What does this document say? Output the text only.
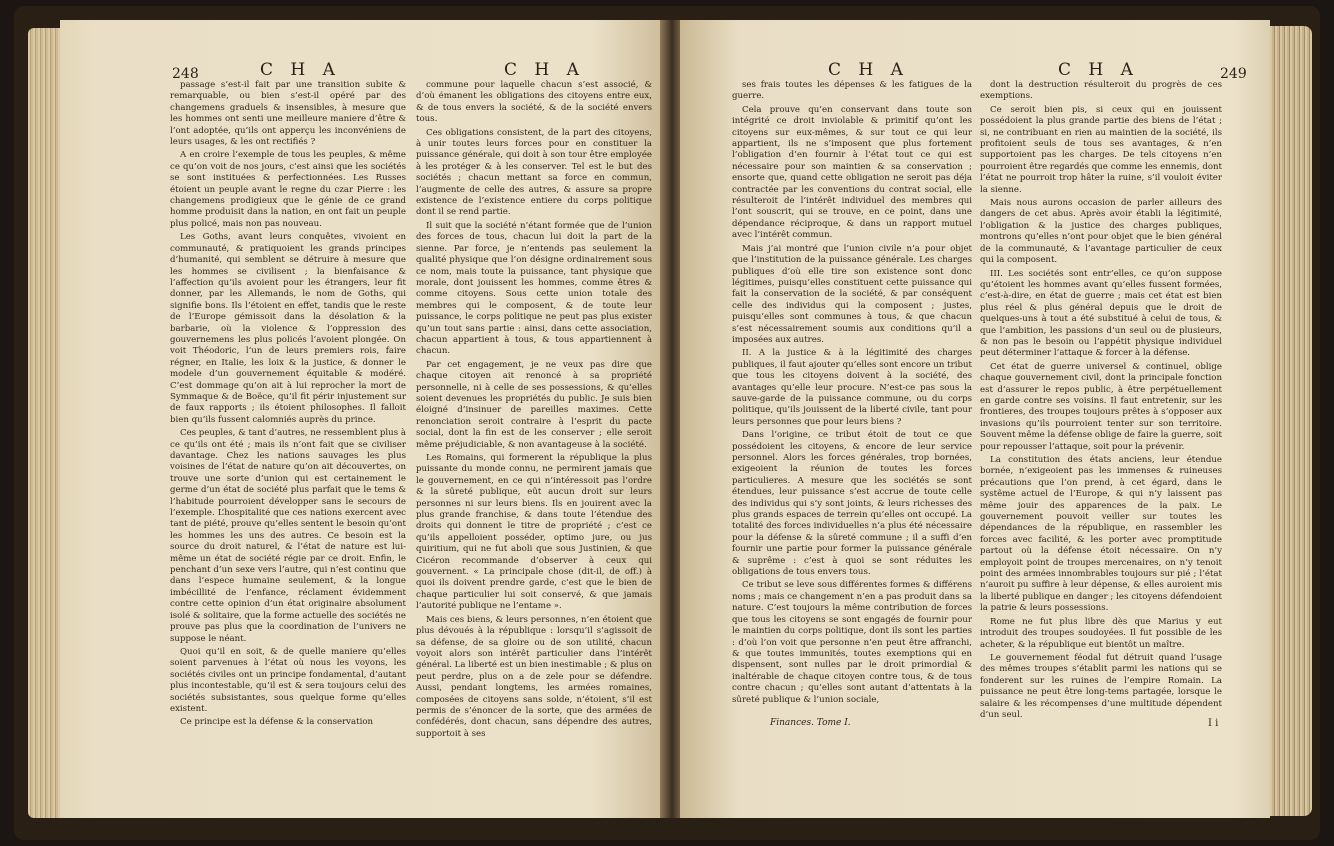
248	C H A	C H A

passage s’est-il fait par une transition subite & remarquable, ou bien s’est-il opéré par des changemens graduels & insensibles, à mesure que les hommes ont senti une meilleure maniere d’être & l’ont adoptée, qu’ils ont apperçu les inconvéniens de leurs usages, & les ont rectifiés ?

A en croire l’exemple de tous les peuples, & même ce qu’on voit de nos jours, c’est ainsi que les sociétés se sont instituées & perfectionnées. Les Russes étoient un peuple avant le regne du czar Pierre : les changemens prodigieux que le génie de ce grand homme produisit dans la nation, en ont fait un peuple plus policé, mais non pas nouveau.

Les Goths, avant leurs conquêtes, vivoient en communauté, & pratiquoient les grands principes d’humanité, qui semblent se détruire à mesure que les hommes se civilisent ; la bienfaisance & l’affection qu’ils avoient pour les étrangers, leur fit donner, par les Allemands, le nom de Goths, qui signifie bons. Ils l’étoient en effet, tandis que le reste de l’Europe gémissoit dans la désolation & la barbarie, où la violence & l’oppression des gouvernemens les plus policés l’avoient plongée. On voit Théodoric, l’un de leurs premiers rois, faire régner, en Italie, les loix & la justice, & donner le modele d’un gouvernement équitable & modéré. C’est dommage qu’on ait à lui reprocher la mort de Symmaque & de Boëce, qu’il fit périr injustement sur de faux rapports ; ils étoient philosophes. Il falloit bien qu’ils fussent calomniés auprès du prince.

Ces peuples, & tant d’autres, ne ressemblent plus à ce qu’ils ont été ; mais ils n’ont fait que se civiliser davantage. Chez les nations sauvages les plus voisines de l’état de nature qu’on ait découvertes, on trouve une sorte d’union qui est certainement le germe d’un état de société plus parfait que le tems & l’habitude pourroient développer sans le secours de l’exemple. L’hospitalité que ces nations exercent avec tant de piété, prouve qu’elles sentent le besoin qu’ont les hommes les uns des autres. Ce besoin est la source du droit naturel, & l’état de nature est lui-même un état de société régie par ce droit. Enfin, le penchant d’un sexe vers l’autre, qui n’est continu que dans l’espece humaine seulement, & la longue imbécillité de l’enfance, réclament évidemment contre cette opinion d’un état originaire absolument isolé & solitaire, que la forme actuelle des sociétés ne prouve pas plus que la coordination de l’univers ne suppose le néant.

Quoi qu’il en soit, & de quelle maniere qu’elles soient parvenues à l’état où nous les voyons, les sociétés civiles ont un principe fondamental, d’autant plus incontestable, qu’il est & sera toujours celui des sociétés subsistantes, sous quelque forme qu’elles existent.

Ce principe est la défense & la conservation

commune pour laquelle chacun s’est associé, & d’où émanent les obligations des citoyens entre eux, & de tous envers la société, & de la société envers tous.

Ces obligations consistent, de la part des citoyens, à unir toutes leurs forces pour en constituer la puissance générale, qui doit à son tour être employée à les protéger & à les conserver. Tel est le but des sociétés ; chacun mettant sa force en commun, l’augmente de celle des autres, & assure sa propre existence de l’existence entiere du corps politique dont il se rend partie.

Il suit que la société n’étant formée que de l’union des forces de tous, chacun lui doit la part de la sienne. Par force, je n’entends pas seulement la qualité physique que l’on désigne ordinairement sous ce nom, mais toute la puissance, tant physique que morale, dont jouissent les hommes, comme êtres & comme citoyens. Sous cette union totale des membres qui le composent, & de toute leur puissance, le corps politique ne peut pas plus exister qu’un tout sans partie : ainsi, dans cette association, chacun appartient à tous, & tous appartiennent à chacun.

Par cet engagement, je ne veux pas dire que chaque citoyen ait renoncé à sa propriété personnelle, ni à celle de ses possessions, & qu’elles soient devenues les propriétés du public. Je suis bien éloigné d’insinuer de pareilles maximes. Cette renonciation seroit contraire à l’esprit du pacte social, dont la fin est de les conserver ; elle seroit même préjudiciable, & non avantageuse à la société.

Les Romains, qui formerent la république la plus puissante du monde connu, ne permirent jamais que le gouvernement, en ce qui n’intéressoit pas l’ordre & la sûreté publique, eût aucun droit sur leurs personnes ni sur leurs biens. Ils en jouirent avec la plus grande franchise, & dans toute l’étendue des droits qui donnent le titre de propriété ; c’est ce qu’ils appelloient posséder, optimo jure, ou jus quiritium, qui ne fut aboli que sous Justinien, & que Cicéron recommande d’observer à ceux qui gouvernent. « La principale chose (dit-il, de off.) à quoi ils doivent prendre garde, c’est que le bien de chaque particulier lui soit conservé, & que jamais l’autorité publique ne l’entame ».

Mais ces biens, & leurs personnes, n’en étoient que plus dévoués à la république : lorsqu’il s’agissoit de sa défense, de sa gloire ou de son utilité, chacun voyoit alors son intérêt particulier dans l’intérêt général. La liberté est un bien inestimable ; & plus on peut perdre, plus on a de zele pour se défendre. Aussi, pendant longtems, les armées romaines, composées de citoyens sans solde, n’étoient, s’il est permis de s’énoncer de la sorte, que des armées de confédérés, dont chacun, sans dépendre des autres, supportoit à ses

C H A	C H A	249

ses frais toutes les dépenses & les fatigues de la guerre.

Cela prouve qu’en conservant dans toute son intégrité ce droit inviolable & primitif qu’ont les citoyens sur eux-mêmes, & sur tout ce qui leur appartient, ils ne s’imposent que plus fortement l’obligation d’en fournir à l’état tout ce qui est nécessaire pour son maintien & sa conservation ; ensorte que, quand cette obligation ne seroit pas déja contractée par les conventions du contrat social, elle résulteroit de l’intérêt individuel des membres qui l’ont souscrit, qui se trouve, en ce point, dans une dépendance réciproque, & dans un rapport mutuel avec l’intérêt commun.

Mais j’ai montré que l’union civile n’a pour objet que l’institution de la puissance générale. Les charges publiques d’où elle tire son existence sont donc légitimes, puisqu’elles constituent cette puissance qui fait la conservation de la société, & par conséquent celle des individus qui la composent ; justes, puisqu’elles sont communes à tous, & que chacun s’est nécessairement soumis aux conditions qu’il a imposées aux autres.

II. A la justice & à la légitimité des charges publiques, il faut ajouter qu’elles sont encore un tribut que tous les citoyens doivent à la société, des avantages qu’elle leur procure. N’est-ce pas sous la sauve-garde de la puissance commune, ou du corps politique, qu’ils jouissent de la liberté civile, tant pour leurs personnes que pour leurs biens ?

Dans l’origine, ce tribut étoit de tout ce que possédoient les citoyens, & encore de leur service personnel. Alors les forces générales, trop bornées, exigeoient la réunion de toutes les forces particulieres. A mesure que les sociétés se sont étendues, leur puissance s’est accrue de toute celle des individus qui s’y sont joints, & leurs richesses des plus grands espaces de terrein qu’elles ont occupé. La totalité des forces individuelles n’a plus été nécessaire pour la défense & la sûreté commune ; il a suffi d’en fournir une partie pour former la puissance générale & suprême : c’est à quoi se sont réduites les obligations de tous envers tous.

Ce tribut se leve sous différentes formes & différens noms ; mais ce changement n’en a pas produit dans sa nature. C’est toujours la même contribution de forces que tous les citoyens se sont engagés de fournir pour le maintien du corps politique, dont ils sont les parties : d’où l’on voit que personne n’en peut être affranchi, & que toutes immunités, toutes exemptions qui en dispensent, sont nulles par le droit primordial & inaltérable de chaque citoyen contre tous, & de tous contre chacun ; qu’elles sont autant d’attentats à la sûreté publique & l’union sociale,

dont la destruction résulteroit du progrès de ces exemptions.

Ce seroit bien pis, si ceux qui en jouissent possédoient la plus grande partie des biens de l’état ; si, ne contribuant en rien au maintien de la société, ils profitoient seuls de tous ses avantages, & n’en supportoient pas les charges. De tels citoyens n’en pourroient être regardés que comme les ennemis, dont l’état ne pourroit trop hâter la ruine, s’il vouloit éviter la sienne.

Mais nous aurons occasion de parler ailleurs des dangers de cet abus. Après avoir établi la légitimité, l’obligation & la justice des charges publiques, montrons qu’elles n’ont pour objet que le bien général de la communauté, & l’avantage particulier de ceux qui la composent.

III. Les sociétés sont entr’elles, ce qu’on suppose qu’étoient les hommes avant qu’elles fussent formées, c’est-à-dire, en état de guerre ; mais cet état est bien plus réel & plus général depuis que le droit de quelques-uns à tout a été substitué à celui de tous, & que l’ambition, les passions d’un seul ou de plusieurs, & non pas le besoin ou l’appétit physique individuel peut déterminer l’attaque & forcer à la défense.

Cet état de guerre universel & continuel, oblige chaque gouvernement civil, dont la principale fonction est d’assurer le repos public, à être perpétuellement en garde contre ses voisins. Il faut entretenir, sur les frontieres, des troupes toujours prêtes à s’opposer aux invasions qu’ils pourroient tenter sur son territoire. Souvent même la défense oblige de faire la guerre, soit pour repousser l’attaque, soit pour la prévenir.

La constitution des états anciens, leur étendue bornée, n’exigeoient pas les immenses & ruineuses précautions que l’on prend, à cet égard, dans le systême actuel de l’Europe, & qui n’y laissent pas même jouir des apparences de la paix. Le gouvernement pouvoit veiller sur toutes les dépendances de la république, en rassembler les forces avec facilité, & les porter avec promptitude partout où la défense étoit nécessaire. On n’y employoit point de troupes mercenaires, on n’y tenoit point des armées innombrables toujours sur pié ; l’état n’auroit pu suffire à leur dépense, & elles auroient mis la liberté publique en danger ; les citoyens défendoient la patrie & leurs possessions.

Rome ne fut plus libre dès que Marius y eut introduit des troupes soudoyées. Il fut possible de les acheter, & la république eut bientôt un maître.

Le gouvernement féodal fut détruit quand l’usage des mêmes troupes s’établit parmi les nations qui se fonderent sur les ruines de l’empire Romain. La puissance ne peut être long-tems partagée, lorsque le salaire & les récompenses d’une multitude dépendent d’un seul.

Finances. Tome I.	I i
